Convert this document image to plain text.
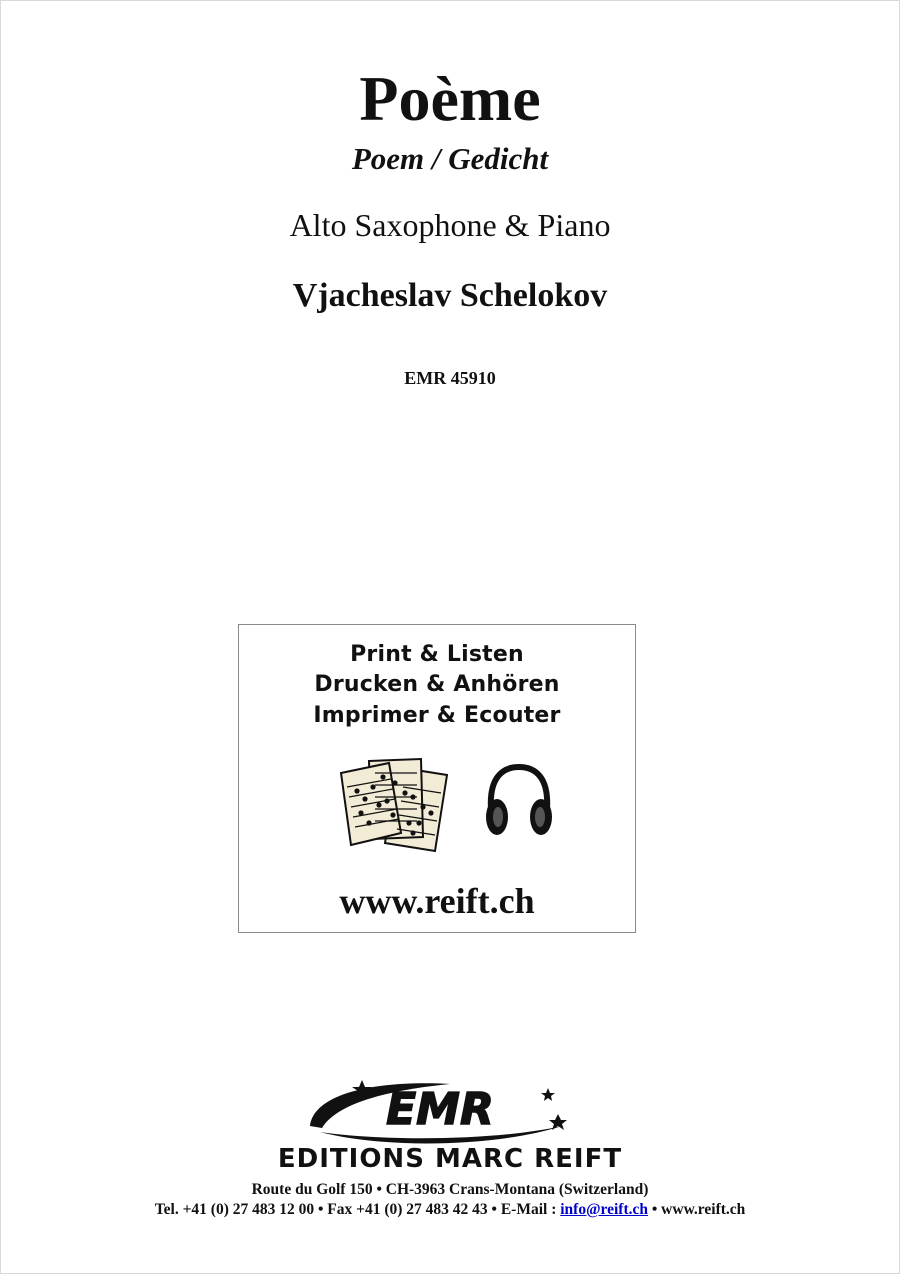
Poème
Poem / Gedicht
Alto Saxophone & Piano
Vjacheslav Schelokov
EMR 45910
Print & Listen
Drucken & Anhören
Imprimer & Ecouter
www.reift.ch
EMR
EDITIONS MARC REIFT
Route du Golf 150 • CH-3963 Crans-Montana (Switzerland)
Tel. +41 (0) 27 483 12 00 • Fax +41 (0) 27 483 42 43 • E-Mail : info@reift.ch • www.reift.ch
